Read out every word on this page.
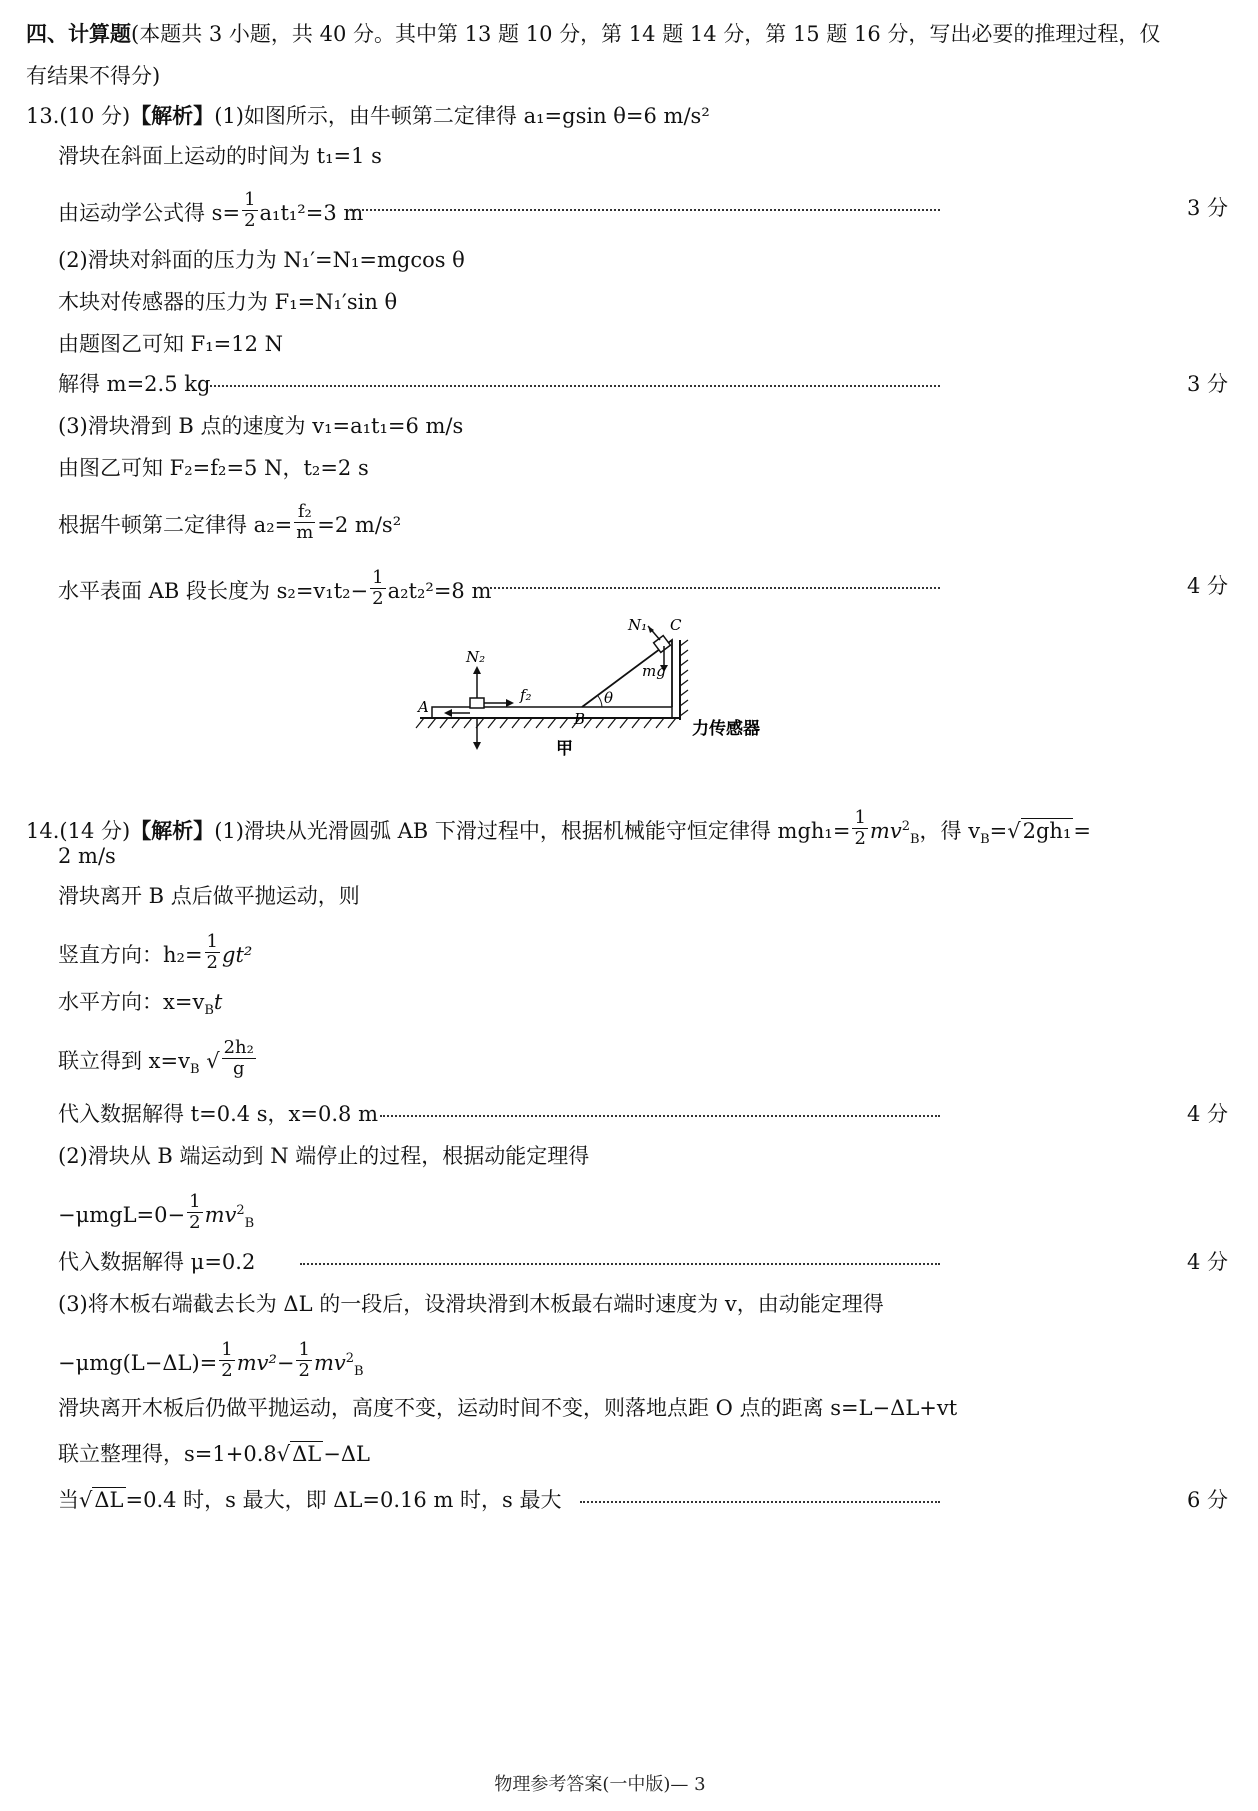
四、计算题(本题共 3 小题，共 40 分。其中第 13 题 10 分，第 14 题 14 分，第 15 题 16 分，写出必要的推理过程，仅
有结果不得分)
13.(10 分)【解析】(1)如图所示，由牛顿第二定律得 a₁=gsin θ=6 m/s²
滑块在斜面上运动的时间为 t₁=1 s
由运动学公式得 $s= \frac{1}{2} a_1t_1^2=3$ m	3 分
(2)滑块对斜面的压力为 N₁′=N₁=mgcos θ
木块对传感器的压力为 F₁=N₁′sin θ
由题图乙可知 F₁=12 N
解得 m=2.5 kg	3 分
(3)滑块滑到 B 点的速度为 v₁=a₁t₁=6 m/s
由图乙可知 F₂=f₂=5 N，t₂=2 s
根据牛顿第二定律得 $a_2= \frac{\text{f₂}}{m} =2$ m/s²
水平表面 AB 段长度为 $s_2=v_1t_2- \frac{1}{2} a_2t_2^2=8$ m	4 分
N₁ C
mg
N₂
f₂	θ
A
B	力传感器
甲
14.(14 分)【解析】(1)滑块从光滑圆弧 AB 下滑过程中，根据机械能守恒定律得 $mgh_1= \frac{1}{2} mv^2_B$，得 $v_B=√2gh_1=$
2 m/s
滑块离开 B 点后做平抛运动，则
竖直方向：$h_2= \frac{1}{2} gt^2$
水平方向：$x=v_Bt$
联立得到 $x=v_B$ √ $\frac{\text{2h₂}}{g}$
代入数据解得 t=0.4 s，x=0.8 m	4 分
(2)滑块从 B 端运动到 N 端停止的过程，根据动能定理得
$-\mu mgL=0- \frac{1}{2} mv^2_B$
代入数据解得 μ=0.2	4 分
(3)将木板右端截去长为 ΔL 的一段后，设滑块滑到木板最右端时速度为 v，由动能定理得
$-\mu mg(L-\Delta L)= \frac{1}{2} mv^2- \frac{1}{2} mv^2_B$
滑块离开木板后仍做平抛运动，高度不变，运动时间不变，则落地点距 O 点的距离 s=L−ΔL+vt
联立整理得，s=1+0.8√ΔL−ΔL
当√ΔL=0.4 时，s 最大，即 ΔL=0.16 m 时，s 最大	6 分
物理参考答案(一中版)— 3
